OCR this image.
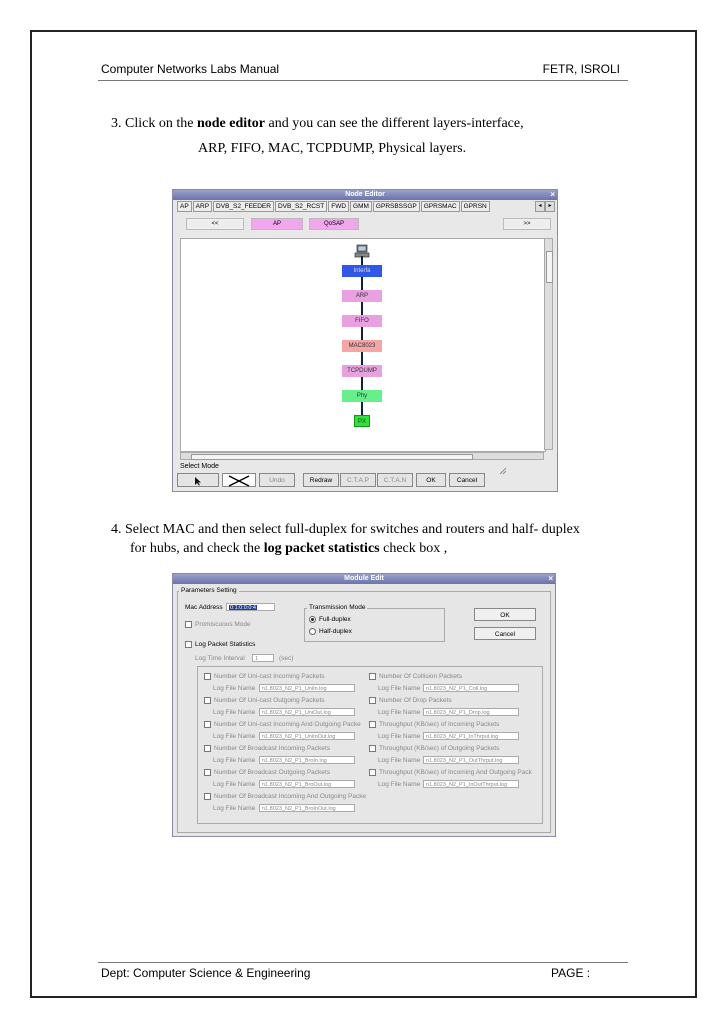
Computer Networks Labs Manual	FETR, ISROLI
3. Click on the node editor and you can see the different layers-interface,
ARP, FIFO, MAC, TCPDUMP, Physical layers.
Node Editor	×
AP	ARP	DVB_S2_FEEDER	DVB_S2_RCST	FWD	GMM	GPRSBSSGP	GPRSMAC	GPRSN	◂	▸
<<	AP	QoSAP	>>
Interfa
ARP
FIFO
MAC8023
TCPDUMP
Phy
PX
Select Mode
Undo	Redraw	C.T.A.P	C.T.A.N	OK	Cancel
4. Select MAC and then select full-duplex for switches and routers and half- duplex
for hubs, and check the log packet statistics check box ,
Module Edit	×
Parameters Setting
Mac Address	0:1:0:0:0:4
Promiscuous Mode
Transmission Mode
Full-duplex
Half-duplex
OK
Cancel
Log Packet Statistics
Log Time Interval	1	(sec)
Number Of Uni-cast Incoming Packets
Log File Name	n1.8023_N2_P1_UniIn.log
Number Of Uni-cast Outgoing Packets
Log File Name	n1.8023_N2_P1_UniOut.log
Number Of Uni-cast Incoming And Outgoing Packe
Log File Name	n1.8023_N2_P1_UniInOut.log
Number Of Broadcast Incoming Packets
Log File Name	n1.8023_N2_P1_BroIn.log
Number Of Broadcast Outgoing Packets
Log File Name	n1.8023_N2_P1_BroOut.log
Number Of Broadcast Incoming And Outgoing Packe
Log File Name	n1.8023_N2_P1_BroInOut.log
Number Of Collision Packets
Log File Name	n1.8023_N2_P1_Coll.log
Number Of Drop Packets
Log File Name	n1.8023_N2_P1_Drop.log
Throughput (KB/sec) of Incoming Packets
Log File Name	n1.8023_N2_P1_InThrput.log
Throughput (KB/sec) of Outgoing Packets
Log File Name	n1.8023_N2_P1_OutThrput.log
Throughput (KB/sec) of Incoming And Outgoing Pack
Log File Name	n1.8023_N2_P1_InOutThrput.log
Dept: Computer Science & Engineering	PAGE :
